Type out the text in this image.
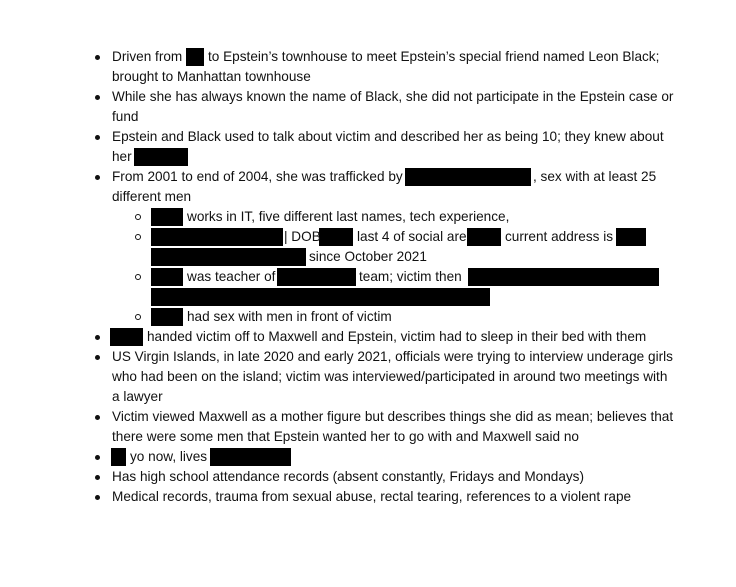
Driven from to Epstein’s townhouse to meet Epstein’s special friend named Leon Black;
brought to Manhattan townhouse
While she has always known the name of Black, she did not participate in the Epstein case or
fund
Epstein and Black used to talk about victim and described her as being 10; they knew about
her
From 2001 to end of 2004, she was trafficked by	, sex with at least 25
different men
works in IT, five different last names, tech experience,
| DOB	last 4 of social are	current address is
since October 2021
was teacher of	team; victim then
had sex with men in front of victim
handed victim off to Maxwell and Epstein, victim had to sleep in their bed with them
US Virgin Islands, in late 2020 and early 2021, officials were trying to interview underage girls
who had been on the island; victim was interviewed/participated in around two meetings with
a lawyer
Victim viewed Maxwell as a mother figure but describes things she did as mean; believes that
there were some men that Epstein wanted her to go with and Maxwell said no
yo now, lives
Has high school attendance records (absent constantly, Fridays and Mondays)
Medical records, trauma from sexual abuse, rectal tearing, references to a violent rape
